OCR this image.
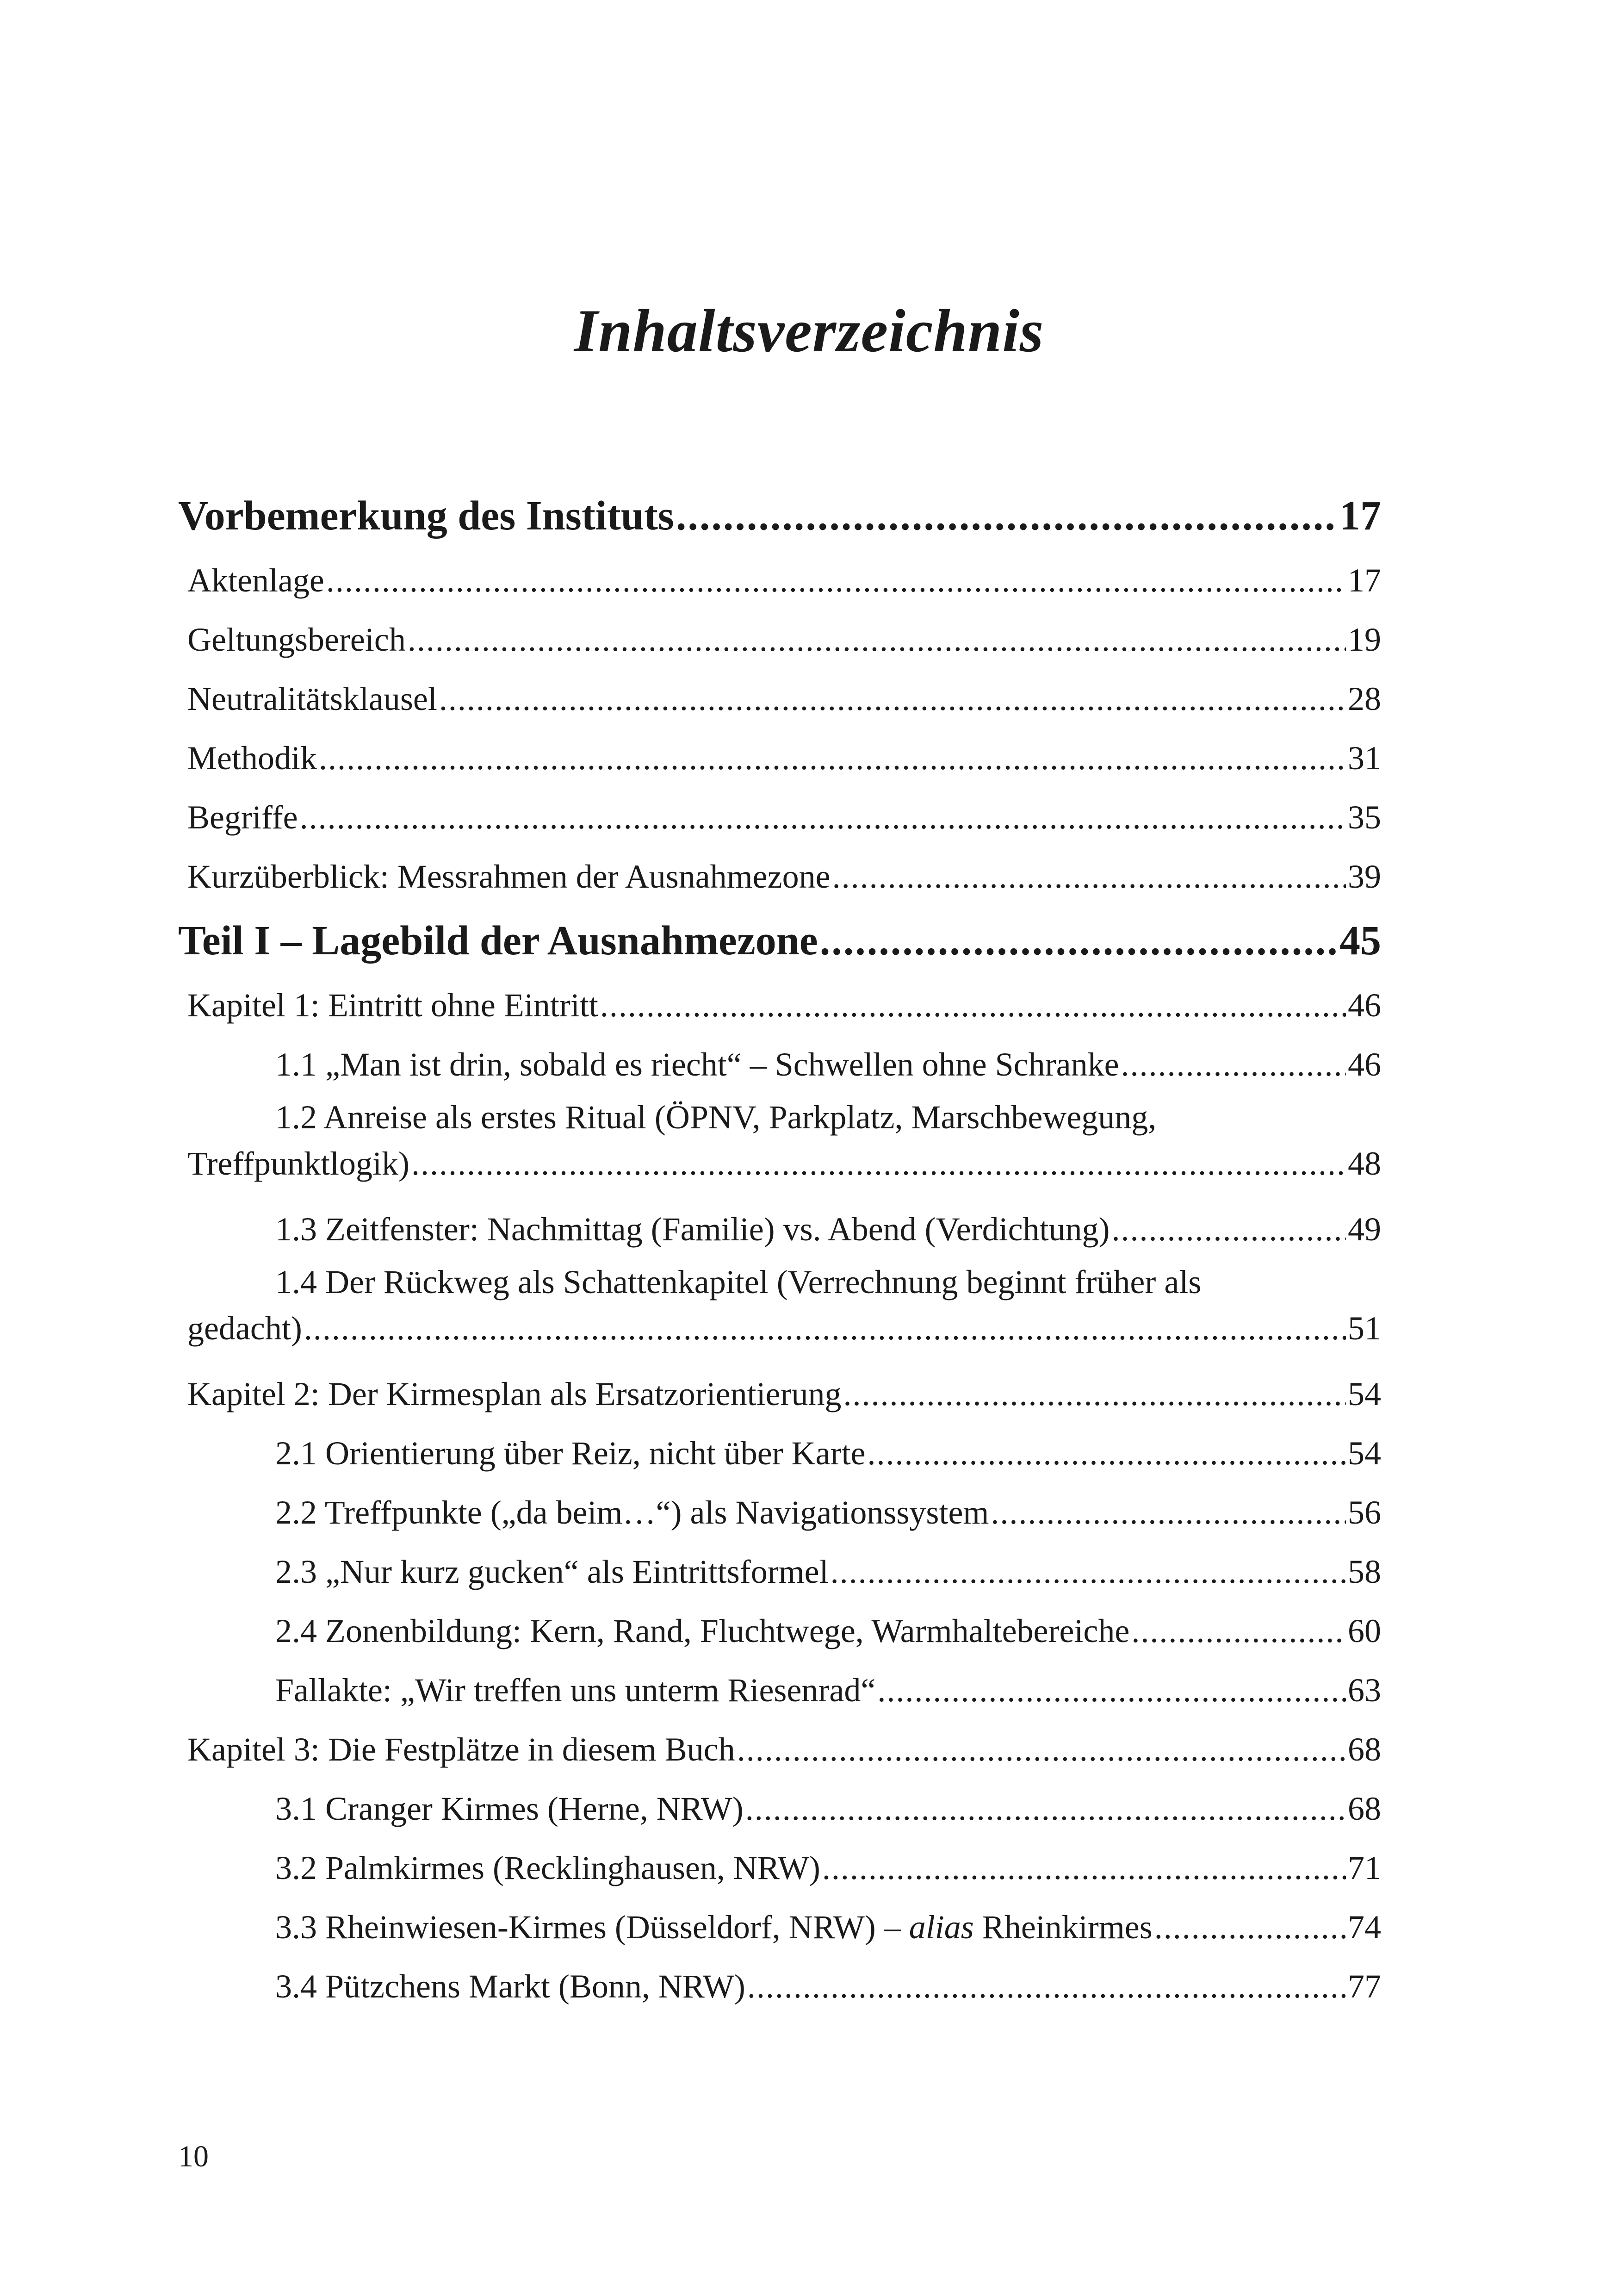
Inhaltsverzeichnis
Vorbemerkung des Instituts .....	17
Aktenlage .....	17
Geltungsbereich .....	19
Neutralitätsklausel .....	28
Methodik .....	31
Begriffe .....	35
Kurzüberblick: Messrahmen der Ausnahmezone .....	39
Teil I – Lagebild der Ausnahmezone .....	45
Kapitel 1: Eintritt ohne Eintritt .....	46
1.1 „Man ist drin, sobald es riecht“ – Schwellen ohne Schranke .....	46
1.2 Anreise als erstes Ritual (ÖPNV, Parkplatz, Marschbewegung,
Treffpunktlogik) .....	48
1.3 Zeitfenster: Nachmittag (Familie) vs. Abend (Verdichtung) .....	49
1.4 Der Rückweg als Schattenkapitel (Verrechnung beginnt früher als
gedacht) .....	51
Kapitel 2: Der Kirmesplan als Ersatzorientierung .....	54
2.1 Orientierung über Reiz, nicht über Karte .....	54
2.2 Treffpunkte („da beim…“) als Navigationssystem .....	56
2.3 „Nur kurz gucken“ als Eintrittsformel .....	58
2.4 Zonenbildung: Kern, Rand, Fluchtwege, Warmhaltebereiche .....	60
Fallakte: „Wir treffen uns unterm Riesenrad“ .....	63
Kapitel 3: Die Festplätze in diesem Buch .....	68
3.1 Cranger Kirmes (Herne, NRW) .....	68
3.2 Palmkirmes (Recklinghausen, NRW) .....	71
3.3 Rheinwiesen-Kirmes (Düsseldorf, NRW) – alias Rheinkirmes .....	74
3.4 Pützchens Markt (Bonn, NRW) .....	77
10
